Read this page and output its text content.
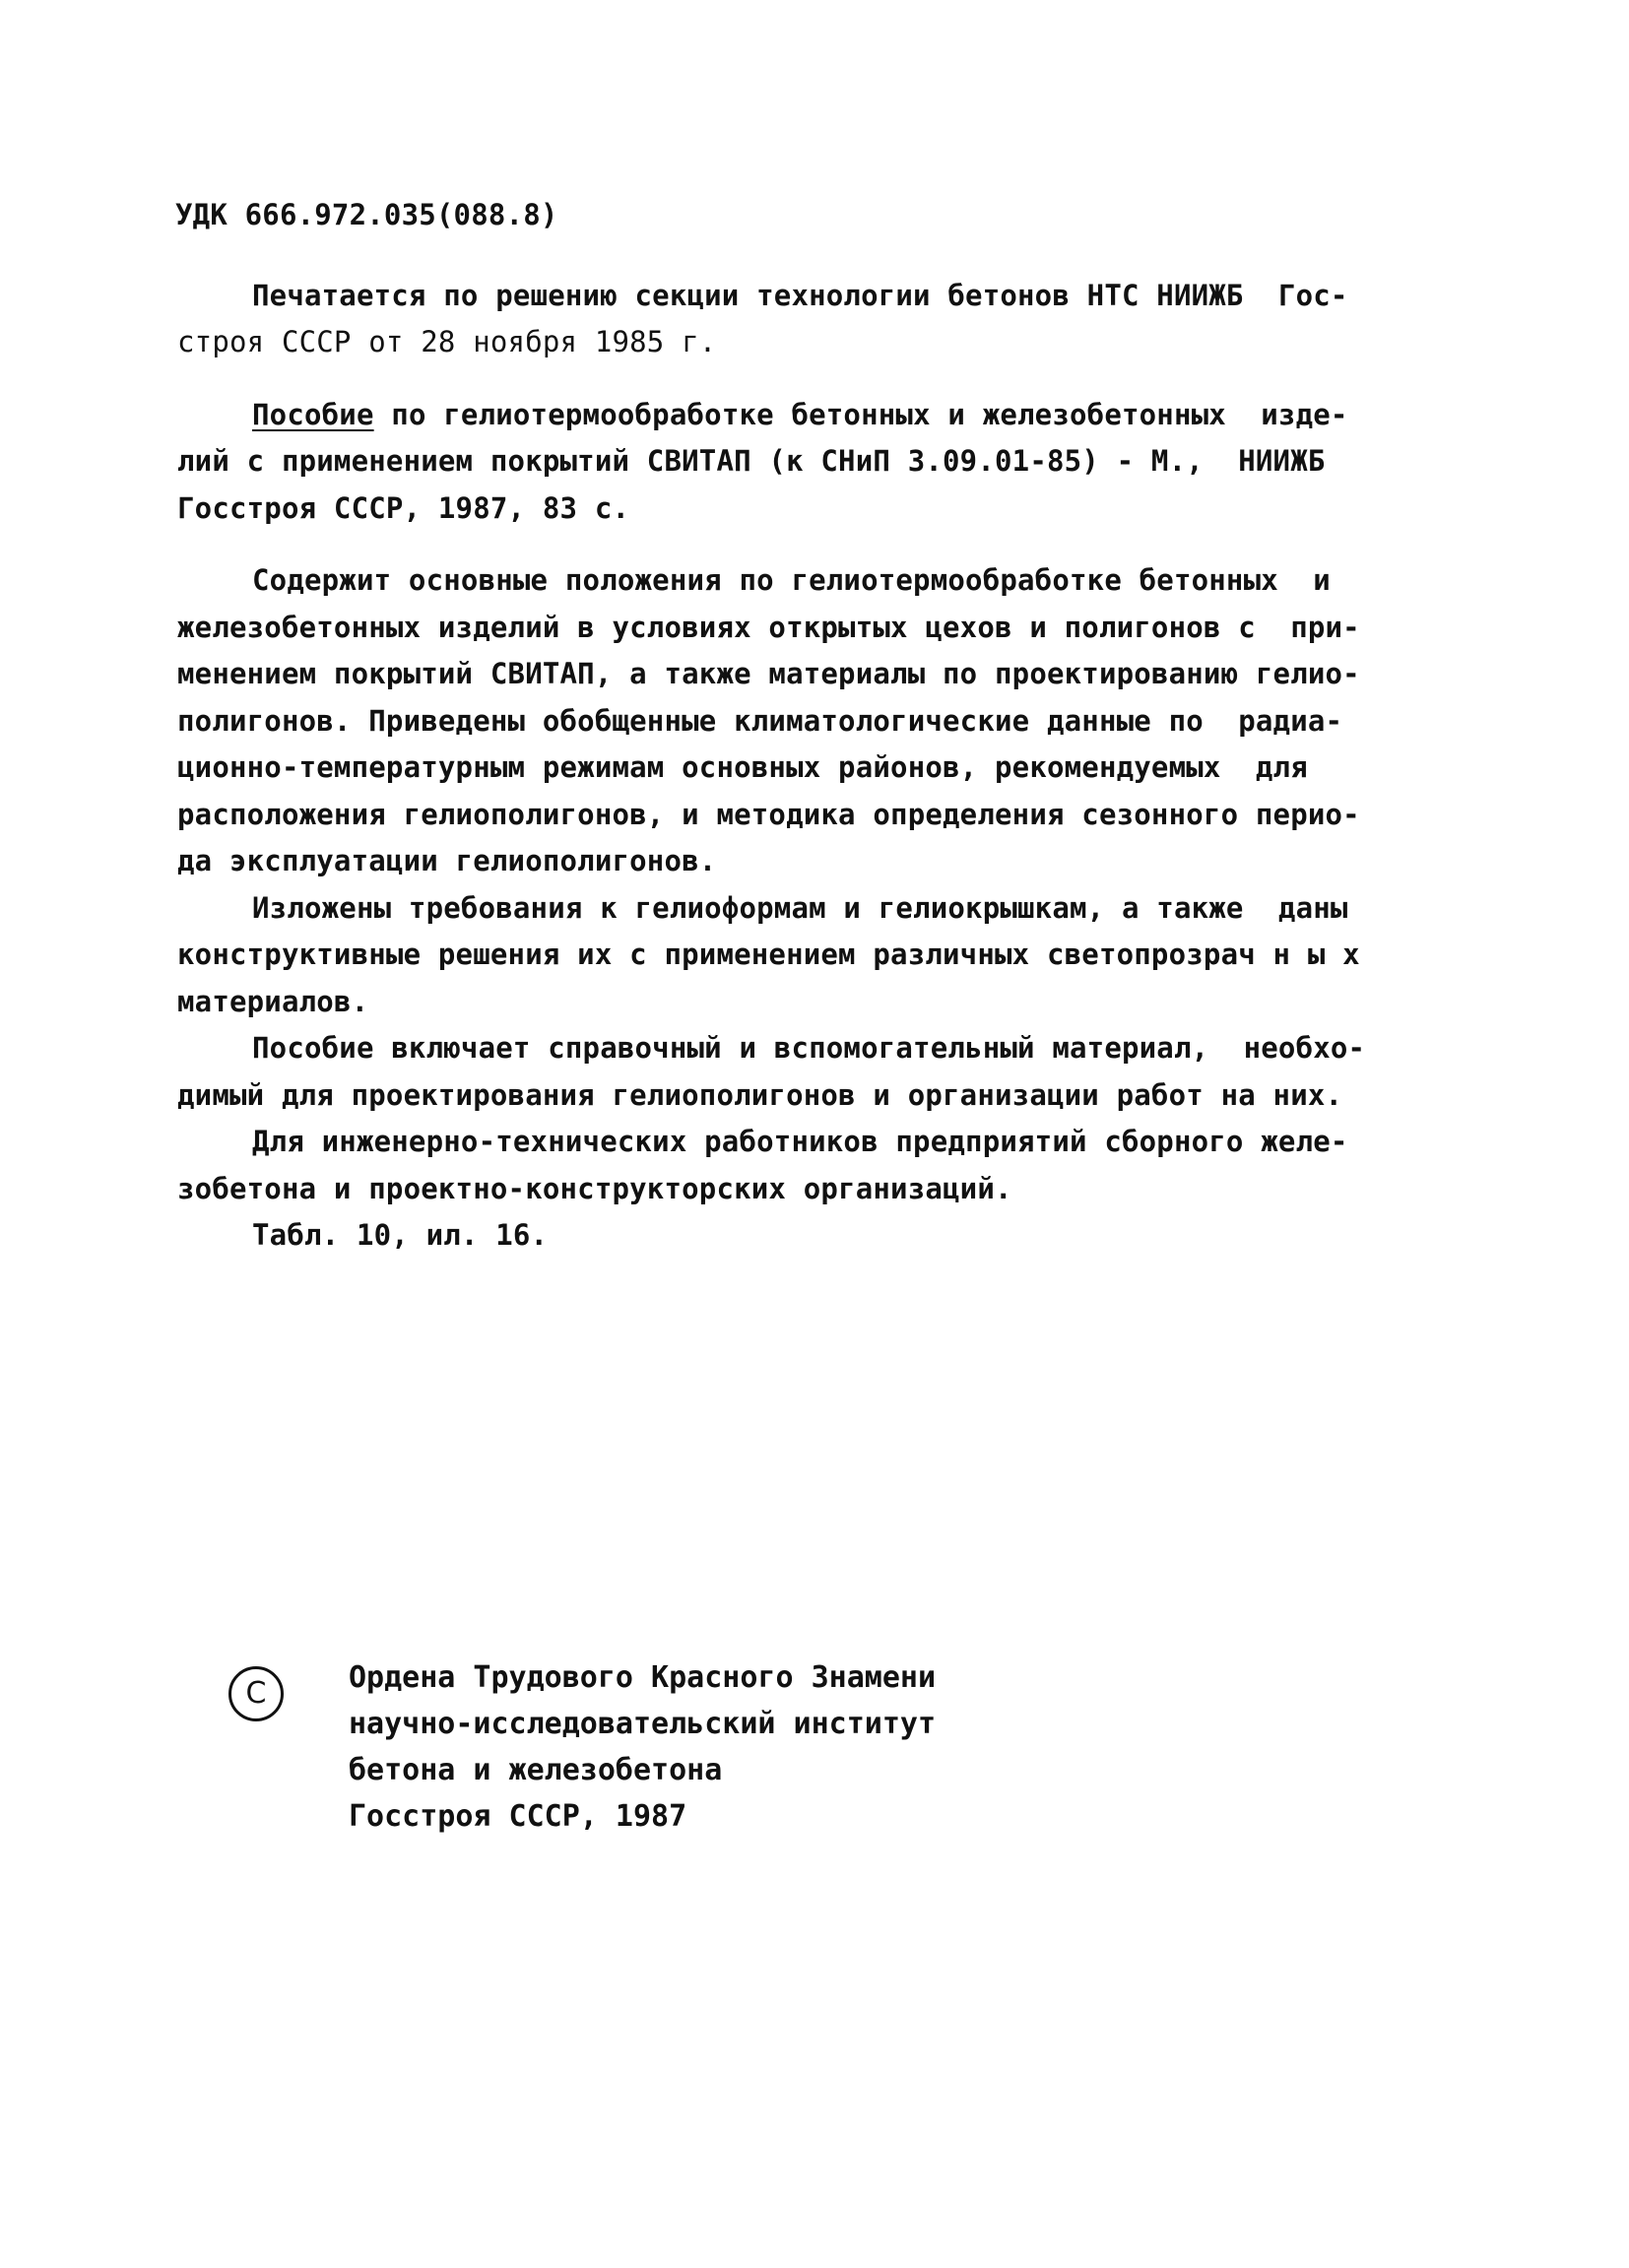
УДК 666.972.035(088.8)
Печатается по решению секции технологии бетонов НТС НИИЖБ  Гос-
строя СССР от 28 ноября 1985 г.
Пособие по гелиотермообработке бетонных и железобетонных  изде-
лий с применением покрытий СВИТАП (к СНиП 3.09.01-85) - М.,  НИИЖБ
Госстроя СССР, 1987, 83 с.
Содержит основные положения по гелиотермообработке бетонных  и
железобетонных изделий в условиях открытых цехов и полигонов с  при-
менением покрытий СВИТАП, а также материалы по проектированию гелио-
полигонов. Приведены обобщенные климатологические данные по  радиа-
ционно-температурным режимам основных районов, рекомендуемых  для
расположения гелиополигонов, и методика определения сезонного перио-
да эксплуатации гелиополигонов.
Изложены требования к гелиоформам и гелиокрышкам, а также  даны
конструктивные решения их с применением различных светопрозрач н ы х
материалов.
Пособие включает справочный и вспомогательный материал,  необхо-
димый для проектирования гелиополигонов и организации работ на них.
Для инженерно-технических работников предприятий сборного желе-
зобетона и проектно-конструкторских организаций.
Табл. 10, ил. 16.
C	Ордена Трудового Красного Знамени
научно-исследовательский институт
бетона и железобетона
Госстроя СССР, 1987
